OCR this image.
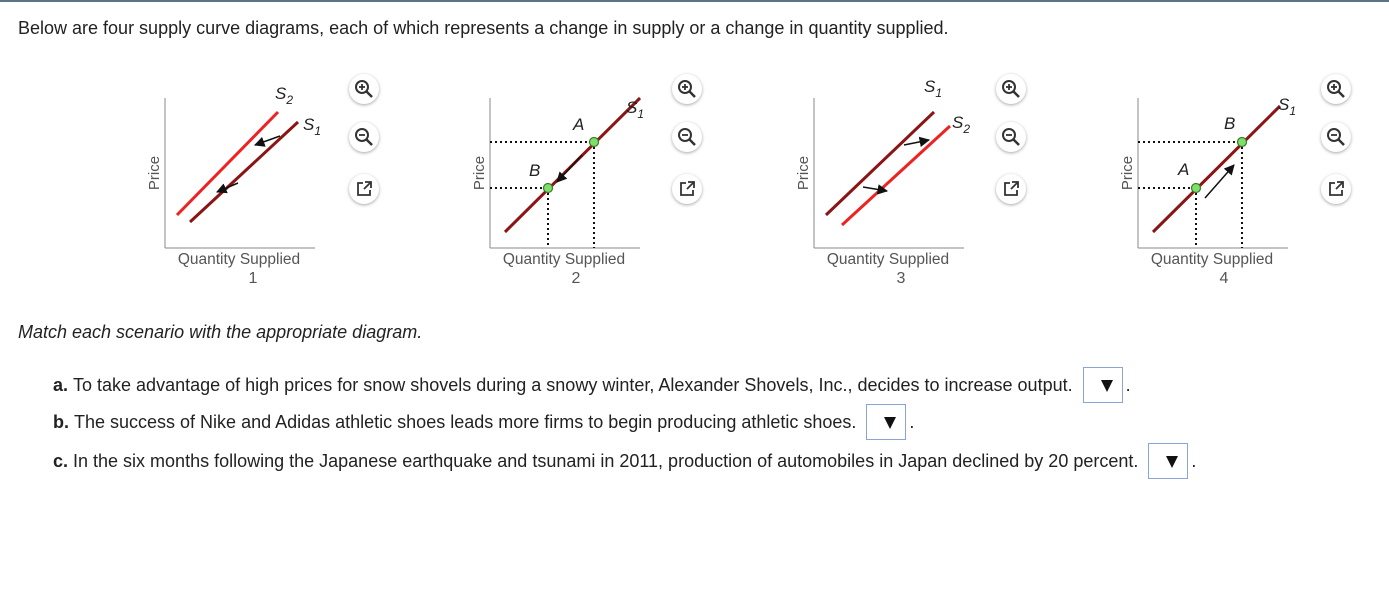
Below are four supply curve diagrams, each of which represents a change in supply or a change in quantity supplied.
Price
Quantity Supplied
1
$S_2$
$S_1$
Price
Quantity Supplied
2
A
B
$S_1$
Price
Quantity Supplied
3
$S_1$
$S_2$
Price
Quantity Supplied
4
A
B
$S_1$
Match each scenario with the appropriate diagram.
a. To take advantage of high prices for snow shovels during a snowy winter, Alexander Shovels, Inc., decides to increase output.	.
b. The success of Nike and Adidas athletic shoes leads more firms to begin producing athletic shoes.	.
c. In the six months following the Japanese earthquake and tsunami in 2011, production of automobiles in Japan declined by 20 percent.	.
